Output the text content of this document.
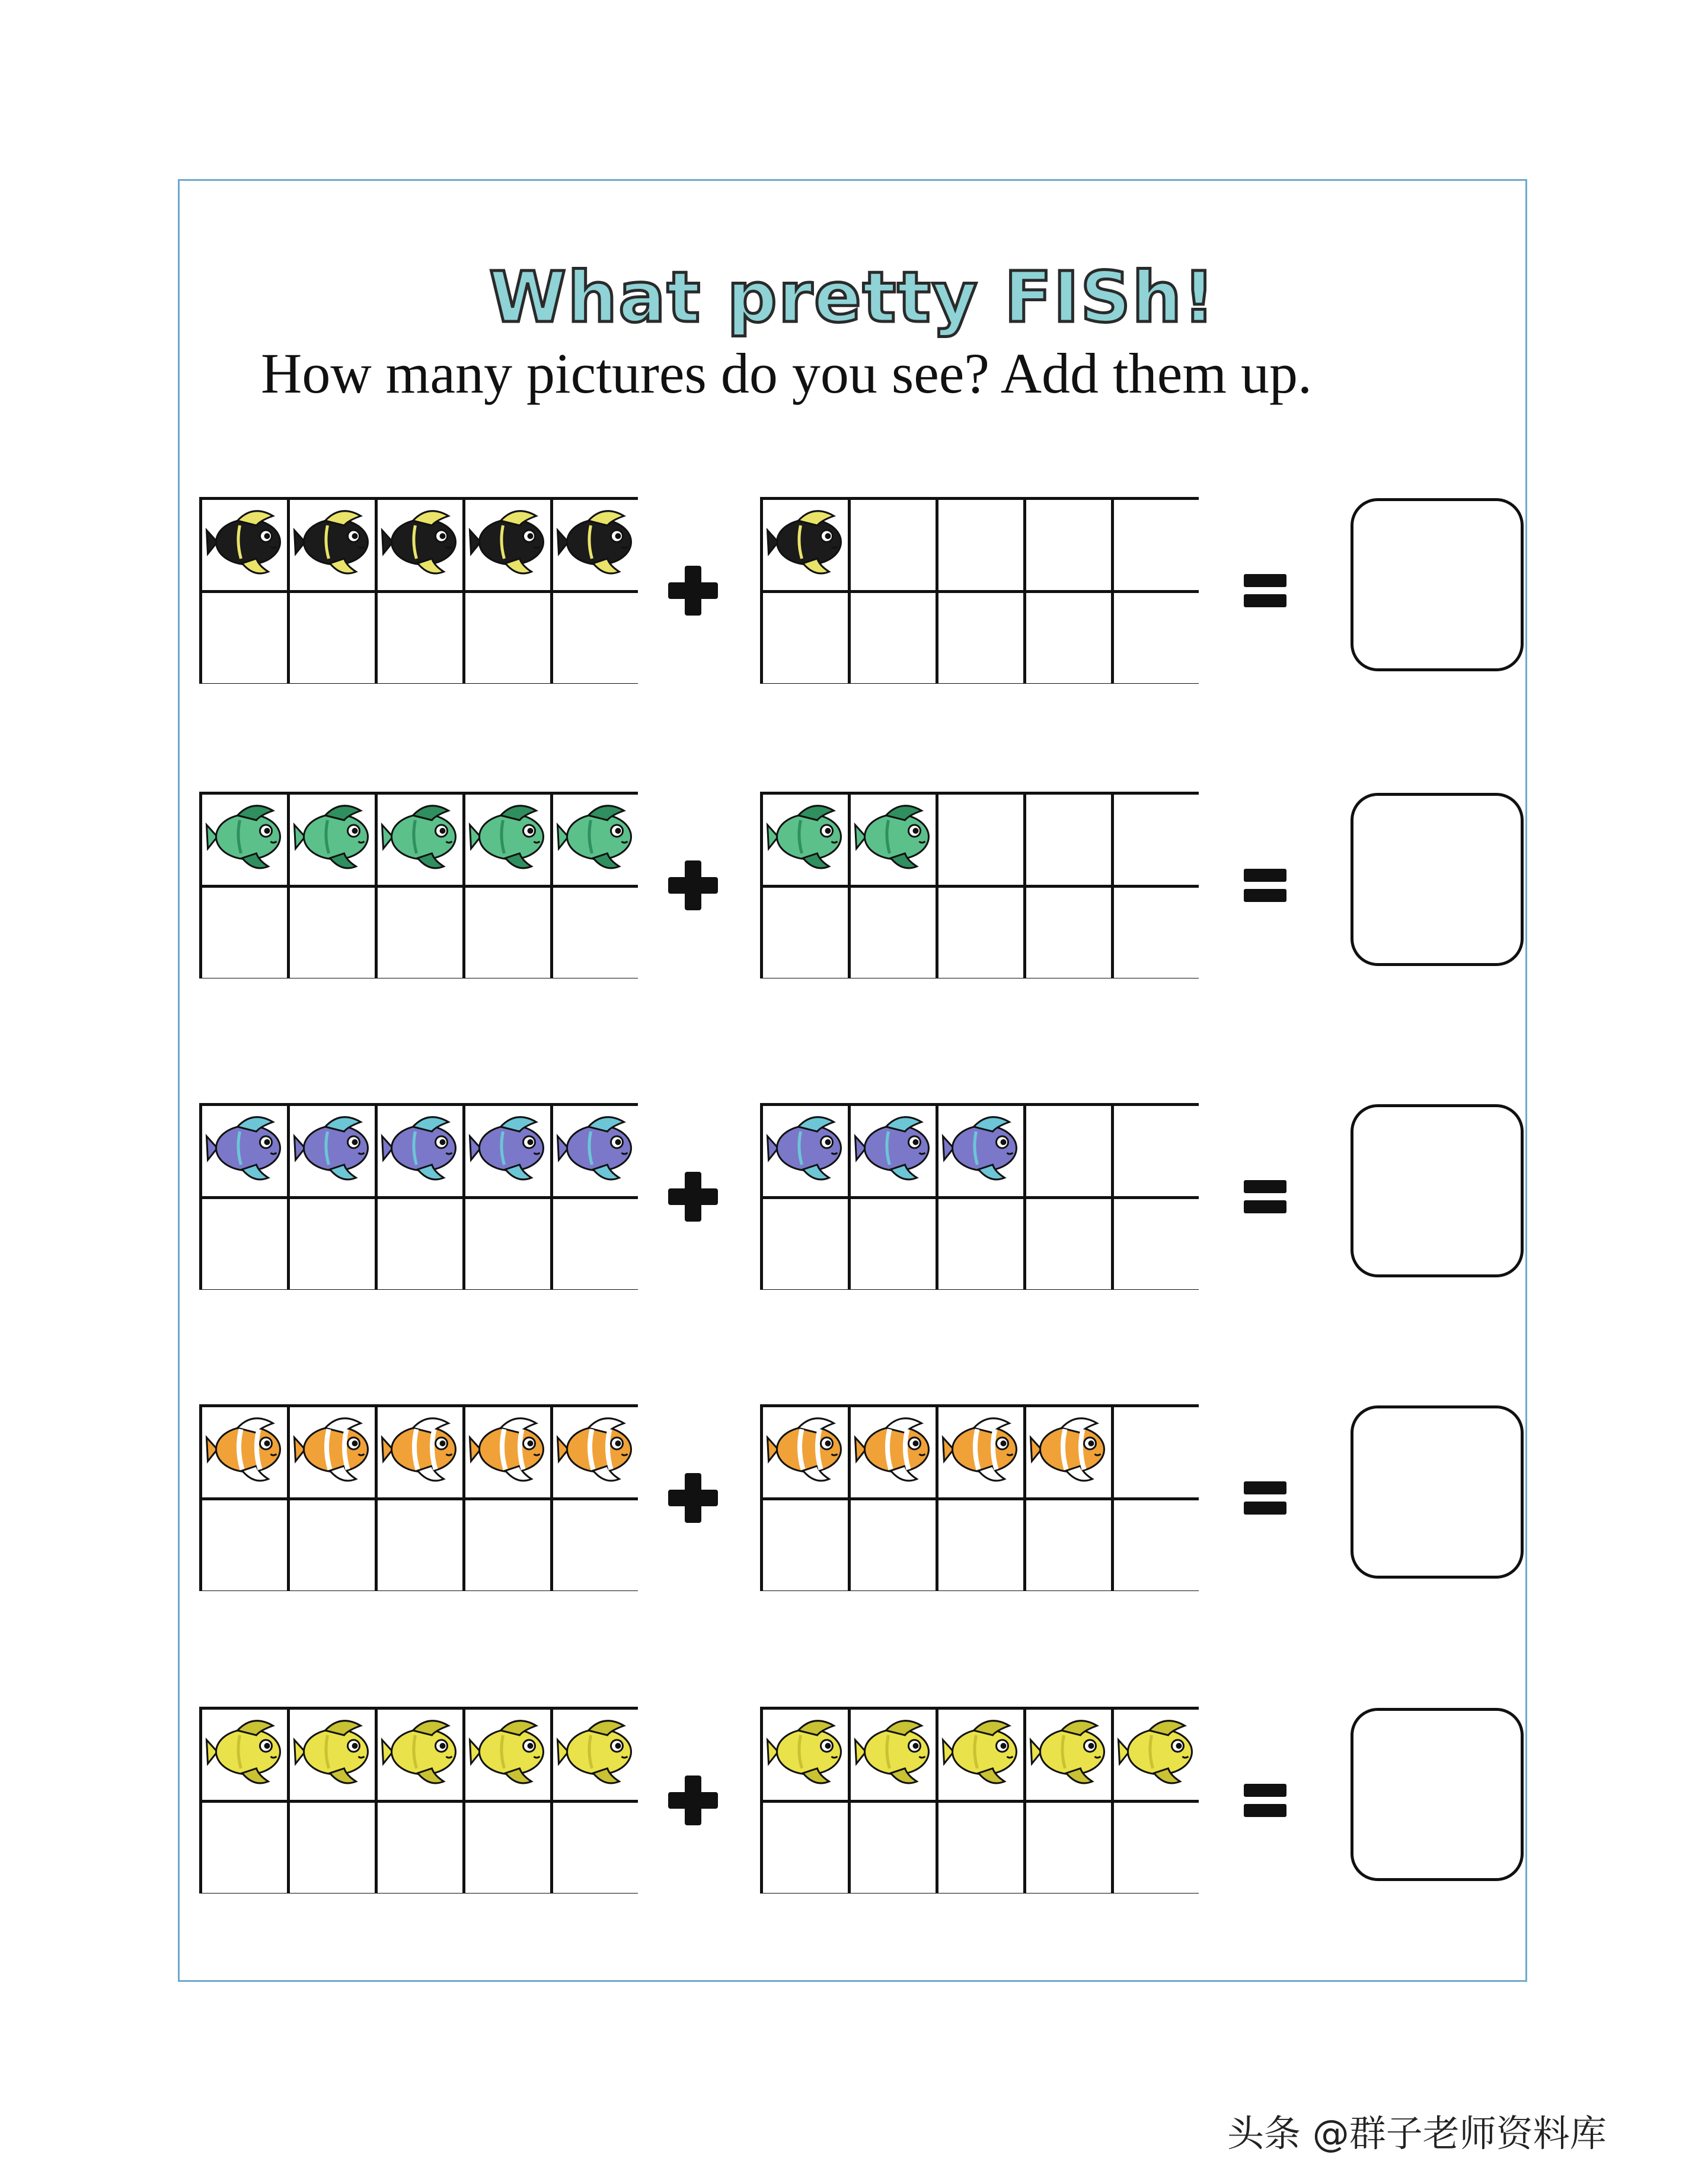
What pretty FISh!
How many pictures do you see? Add them up.
头条 @群子老师资料库
